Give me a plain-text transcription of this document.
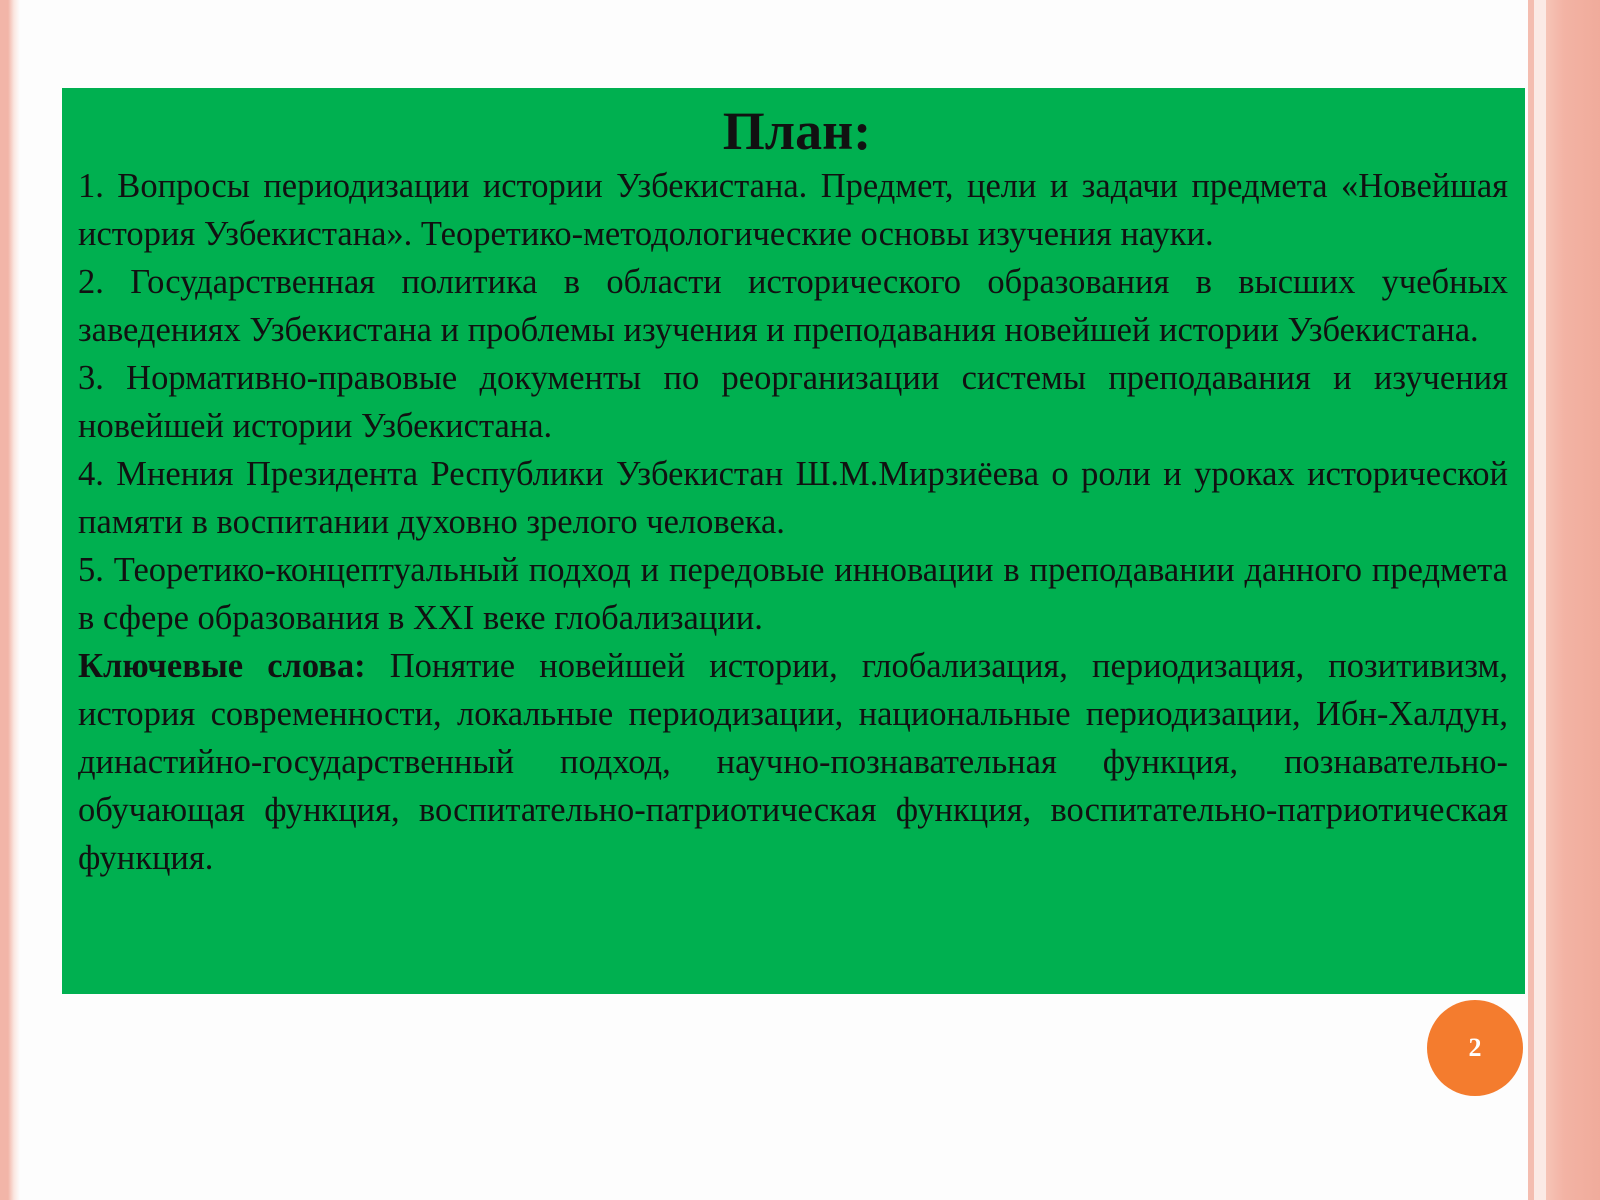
План:

1. Вопросы периодизации истории Узбекистана. Предмет, цели и задачи предмета «Новейшая история Узбекистана». Теоретико-методологические основы изучения науки.

2. Государственная политика в области исторического образования в высших учебных заведениях Узбекистана и проблемы изучения и преподавания новейшей истории Узбекистана.

3. Нормативно-правовые документы по реорганизации системы преподавания и изучения новейшей истории Узбекистана.

4. Мнения Президента Республики Узбекистан Ш.М.Мирзиёева о роли и уроках исторической памяти в воспитании духовно зрелого человека.

5. Теоретико-концептуальный подход и передовые инновации в преподавании данного предмета в сфере образования в XXI веке глобализации.

Ключевые слова: Понятие новейшей истории, глобализация, периодизация, позитивизм, история современности, локальные периодизации, национальные периодизации, Ибн-Халдун, династийно-государственный подход, научно-познавательная функция, познавательно-обучающая функция, воспитательно-патриотическая функция, воспитательно-патриотическая функция.

2
